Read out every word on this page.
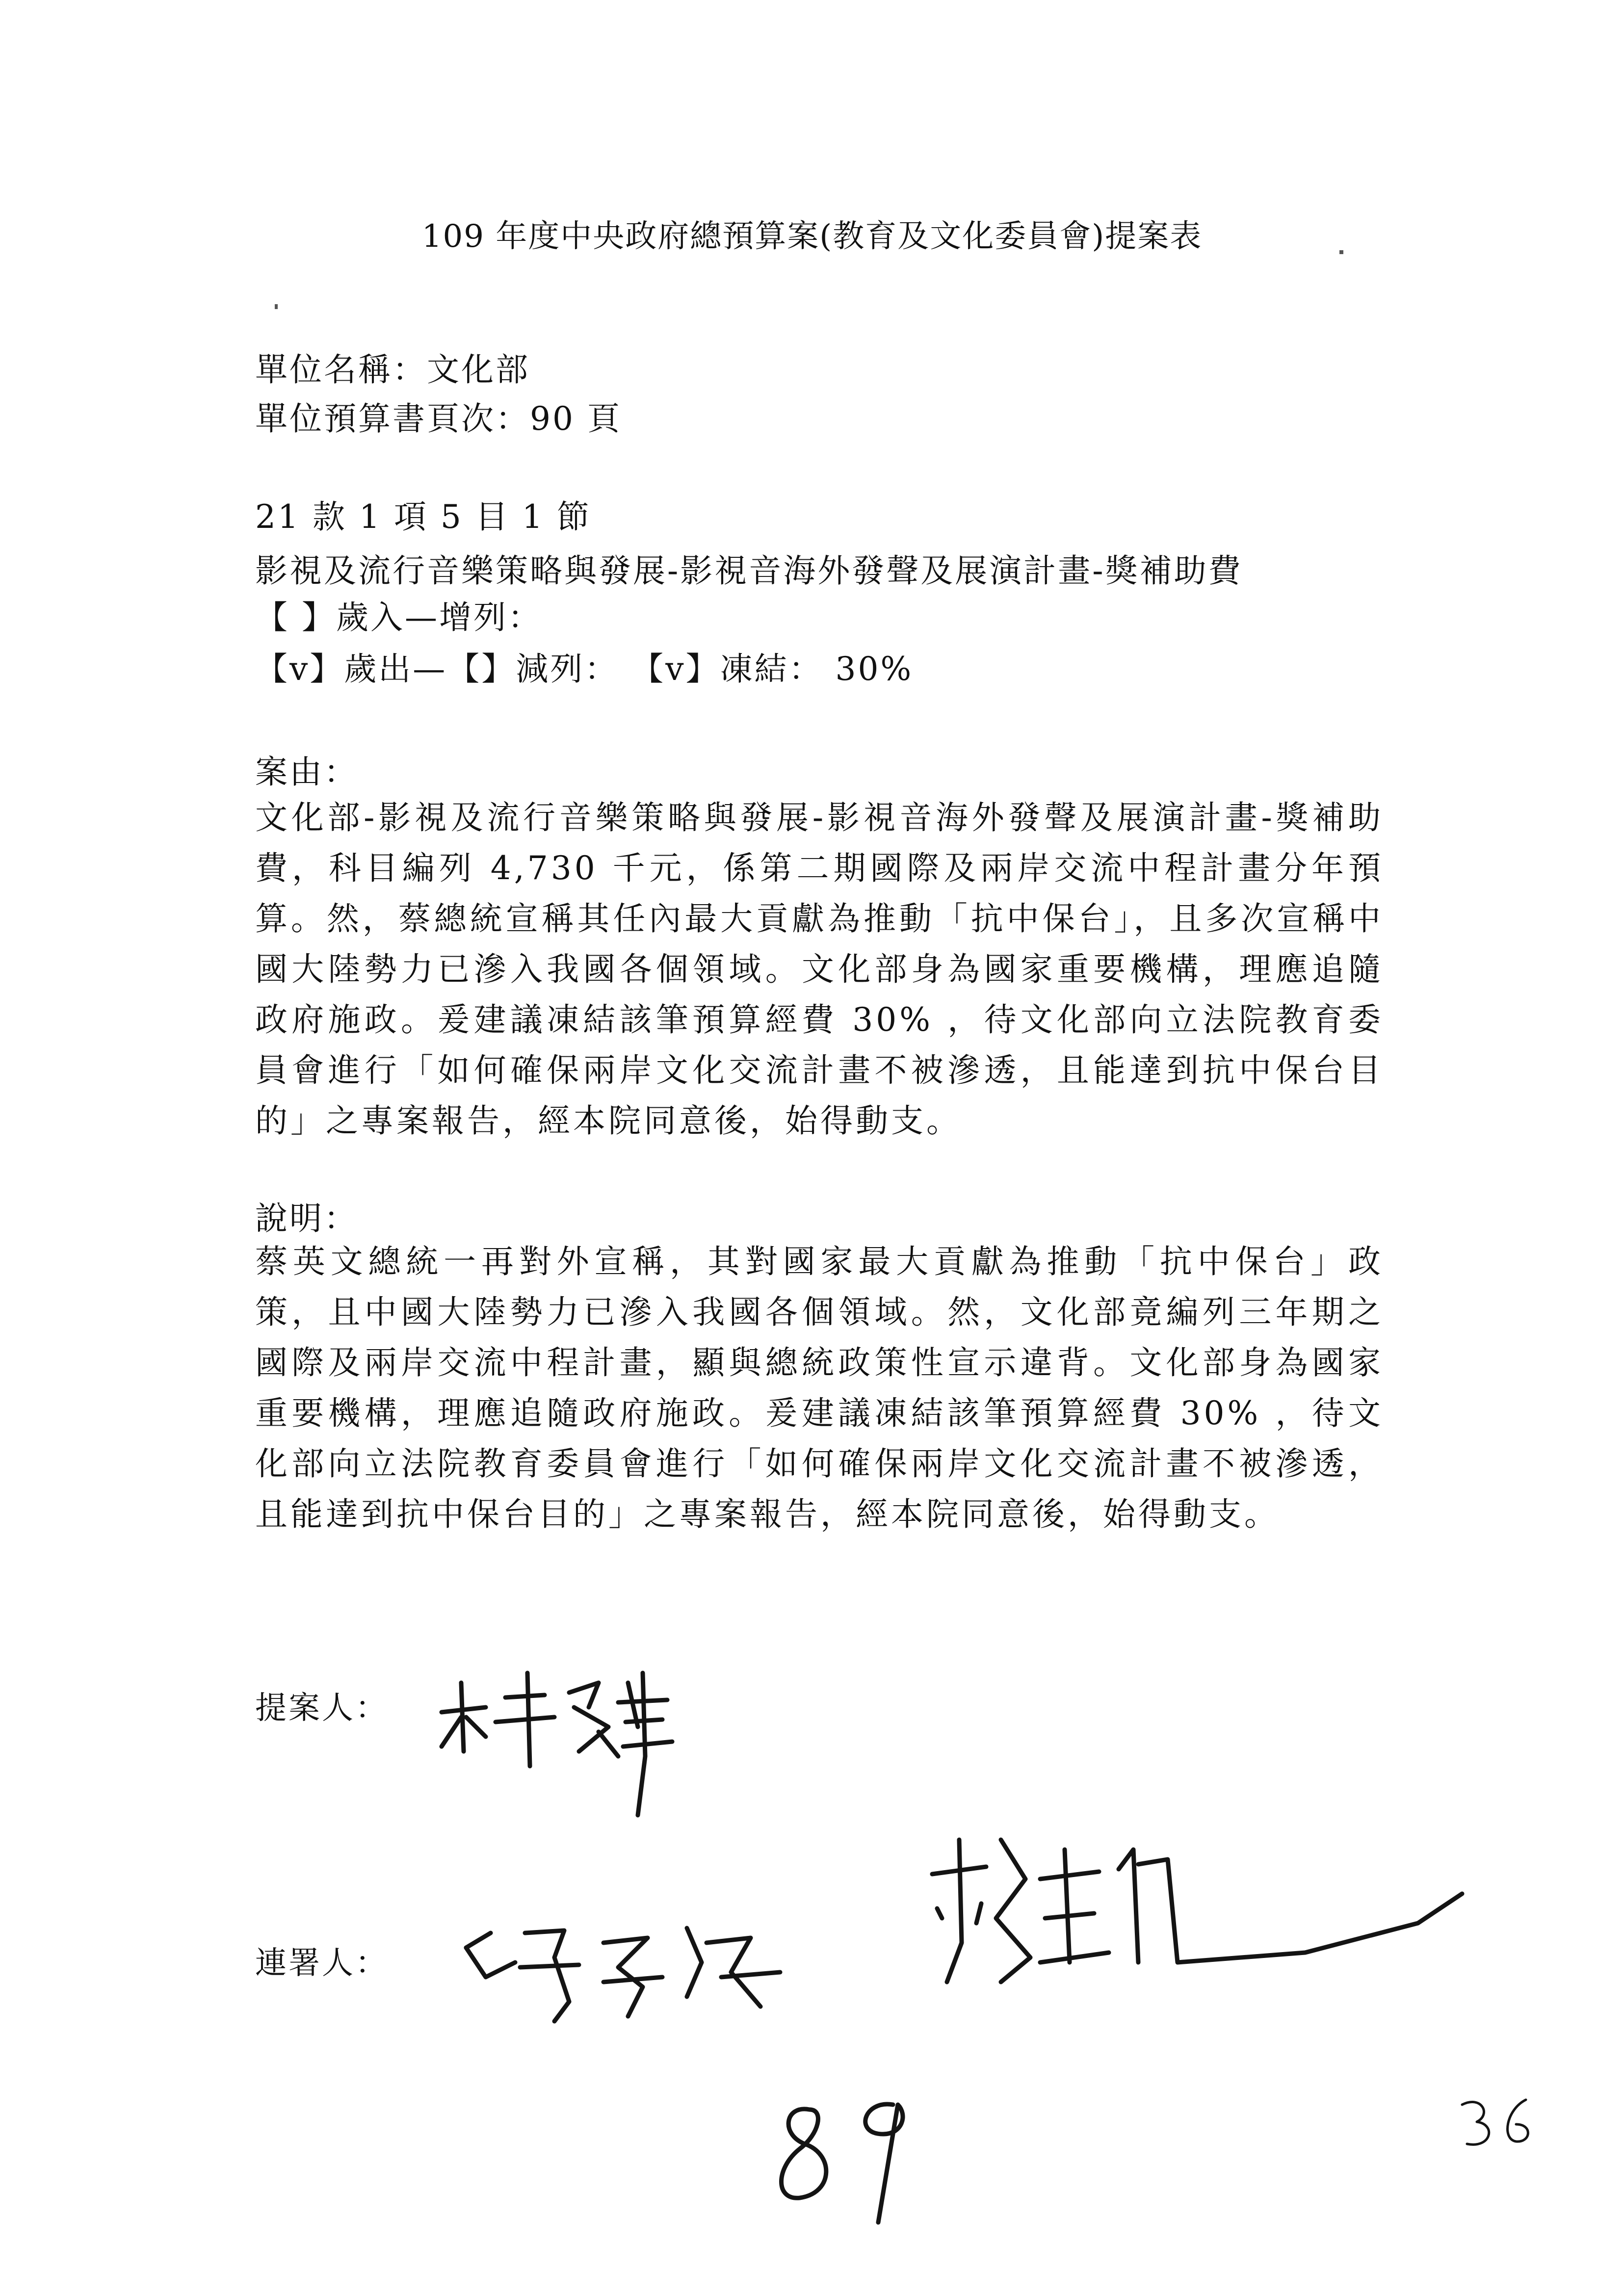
109 年度中央政府總預算案(教育及文化委員會)提案表
單位名稱：文化部
單位預算書頁次：90 頁
21 款 1 項 5 目 1 節
影視及流行音樂策略與發展-影視音海外發聲及展演計畫-獎補助費
【 】歲入—增列：
【v】歲出—【】減列： 【v】凍結： 30%
案由：
文化部-影視及流行音樂策略與發展-影視音海外發聲及展演計畫-獎補助費，科目編列 4,730 千元，係第二期國際及兩岸交流中程計畫分年預算。然，蔡總統宣稱其任內最大貢獻為推動「抗中保台」，且多次宣稱中國大陸勢力已滲入我國各個領域。文化部身為國家重要機構，理應追隨政府施政。爰建議凍結該筆預算經費 30% ，待文化部向立法院教育委員會進行「如何確保兩岸文化交流計畫不被滲透，且能達到抗中保台目的」之專案報告，經本院同意後，始得動支。
說明：
蔡英文總統一再對外宣稱，其對國家最大貢獻為推動「抗中保台」政策，且中國大陸勢力已滲入我國各個領域。然，文化部竟編列三年期之國際及兩岸交流中程計畫，顯與總統政策性宣示違背。文化部身為國家重要機構，理應追隨政府施政。爰建議凍結該筆預算經費 30% ，待文化部向立法院教育委員會進行「如何確保兩岸文化交流計畫不被滲透，且能達到抗中保台目的」之專案報告，經本院同意後，始得動支。
提案人：
連署人：
